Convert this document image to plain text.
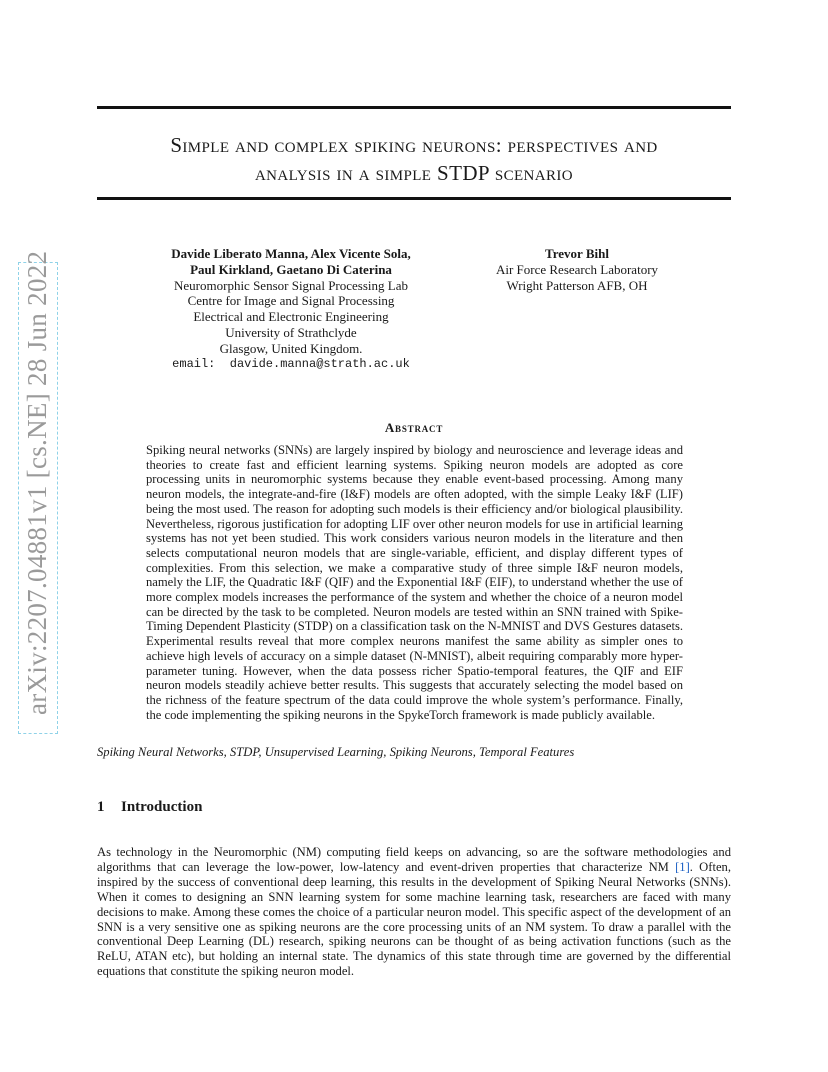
arXiv:2207.04881v1 [cs.NE] 28 Jun 2022
Simple and complex spiking neurons: perspectives and
analysis in a simple STDP scenario
Davide Liberato Manna, Alex Vicente Sola,
Paul Kirkland, Gaetano Di Caterina
Neuromorphic Sensor Signal Processing Lab
Centre for Image and Signal Processing
Electrical and Electronic Engineering
University of Strathclyde
Glasgow, United Kingdom.
email:  davide.manna@strath.ac.uk
Trevor Bihl
Air Force Research Laboratory
Wright Patterson AFB, OH
Abstract

Spiking neural networks (SNNs) are largely inspired by biology and neuroscience and leverage ideas and theories to create fast and efficient learning systems. Spiking neuron models are adopted as core processing units in neuromorphic systems because they enable event-based processing. Among many neuron models, the integrate-and-fire (I&F) models are often adopted, with the simple Leaky I&F (LIF) being the most used. The reason for adopting such models is their efficiency and/or biological plausibility. Nevertheless, rigorous justification for adopting LIF over other neuron models for use in artificial learning systems has not yet been studied. This work considers various neuron models in the literature and then selects computational neuron models that are single-variable, efficient, and display different types of complexities. From this selection, we make a comparative study of three simple I&F neuron models, namely the LIF, the Quadratic I&F (QIF) and the Exponential I&F (EIF), to understand whether the use of more complex models increases the performance of the system and whether the choice of a neuron model can be directed by the task to be completed. Neuron models are tested within an SNN trained with Spike-Timing Dependent Plasticity (STDP) on a classification task on the N-MNIST and DVS Gestures datasets. Experimental results reveal that more complex neurons manifest the same ability as simpler ones to achieve high levels of accuracy on a simple dataset (N-MNIST), albeit requiring comparably more hyper-parameter tuning. However, when the data possess richer Spatio-temporal features, the QIF and EIF neuron models steadily achieve better results. This suggests that accurately selecting the model based on the richness of the feature spectrum of the data could improve the whole system’s performance. Finally, the code implementing the spiking neurons in the SpykeTorch framework is made publicly available.

Spiking Neural Networks, STDP, Unsupervised Learning, Spiking Neurons, Temporal Features
1 Introduction

As technology in the Neuromorphic (NM) computing field keeps on advancing, so are the software methodologies and algorithms that can leverage the low-power, low-latency and event-driven properties that characterize NM [1]. Often, inspired by the success of conventional deep learning, this results in the development of Spiking Neural Networks (SNNs). When it comes to designing an SNN learning system for some machine learning task, researchers are faced with many decisions to make. Among these comes the choice of a particular neuron model. This specific aspect of the development of an SNN is a very sensitive one as spiking neurons are the core processing units of an NM system. To draw a parallel with the conventional Deep Learning (DL) research, spiking neurons can be thought of as being activation functions (such as the ReLU, ATAN etc), but holding an internal state. The dynamics of this state through time are governed by the differential equations that constitute the spiking neuron model.
